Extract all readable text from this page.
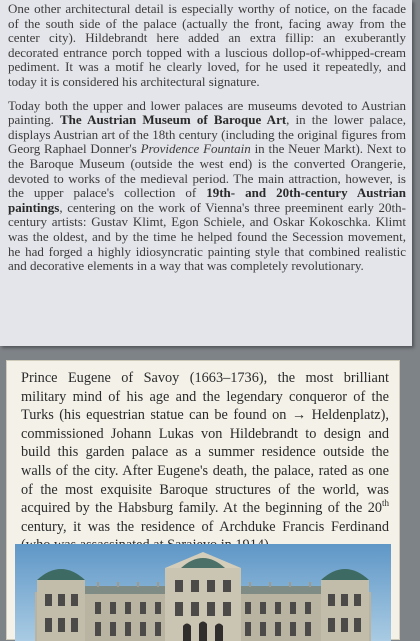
One other architectural detail is especially worthy of notice, on the facade of the south side of the palace (actually the front, facing away from the center city). Hildebrandt here added an extra fillip: an exuberantly decorated entrance porch topped with a luscious dollop-of-whipped-cream pediment. It was a motif he clearly loved, for he used it repeatedly, and today it is considered his architectural signature.

Today both the upper and lower palaces are museums devoted to Austrian painting. The Austrian Museum of Baroque Art, in the lower palace, displays Austrian art of the 18th century (including the original figures from Georg Raphael Donner's Providence Fountain in the Neuer Markt). Next to the Baroque Museum (outside the west end) is the converted Orangerie, devoted to works of the medieval period. The main attraction, however, is the upper palace's collection of 19th- and 20th-century Austrian paintings, centering on the work of Vienna's three preeminent early 20th-century artists: Gustav Klimt, Egon Schiele, and Oskar Kokoschka. Klimt was the oldest, and by the time he helped found the Secession movement, he had forged a highly idiosyncratic painting style that combined realistic and decorative elements in a way that was completely revolutionary.

Prince Eugene of Savoy (1663–1736), the most brilliant military mind of his age and the legendary conqueror of the Turks (his equestrian statue can be found on → Heldenplatz), commissioned Johann Lukas von Hildebrandt to design and build this garden palace as a summer residence outside the walls of the city. After Eugene's death, the palace, rated as one of the most exquisite Baroque structures of the world, was acquired by the Habsburg family. At the beginning of the 20th century, it was the residence of Archduke Francis Ferdinand
